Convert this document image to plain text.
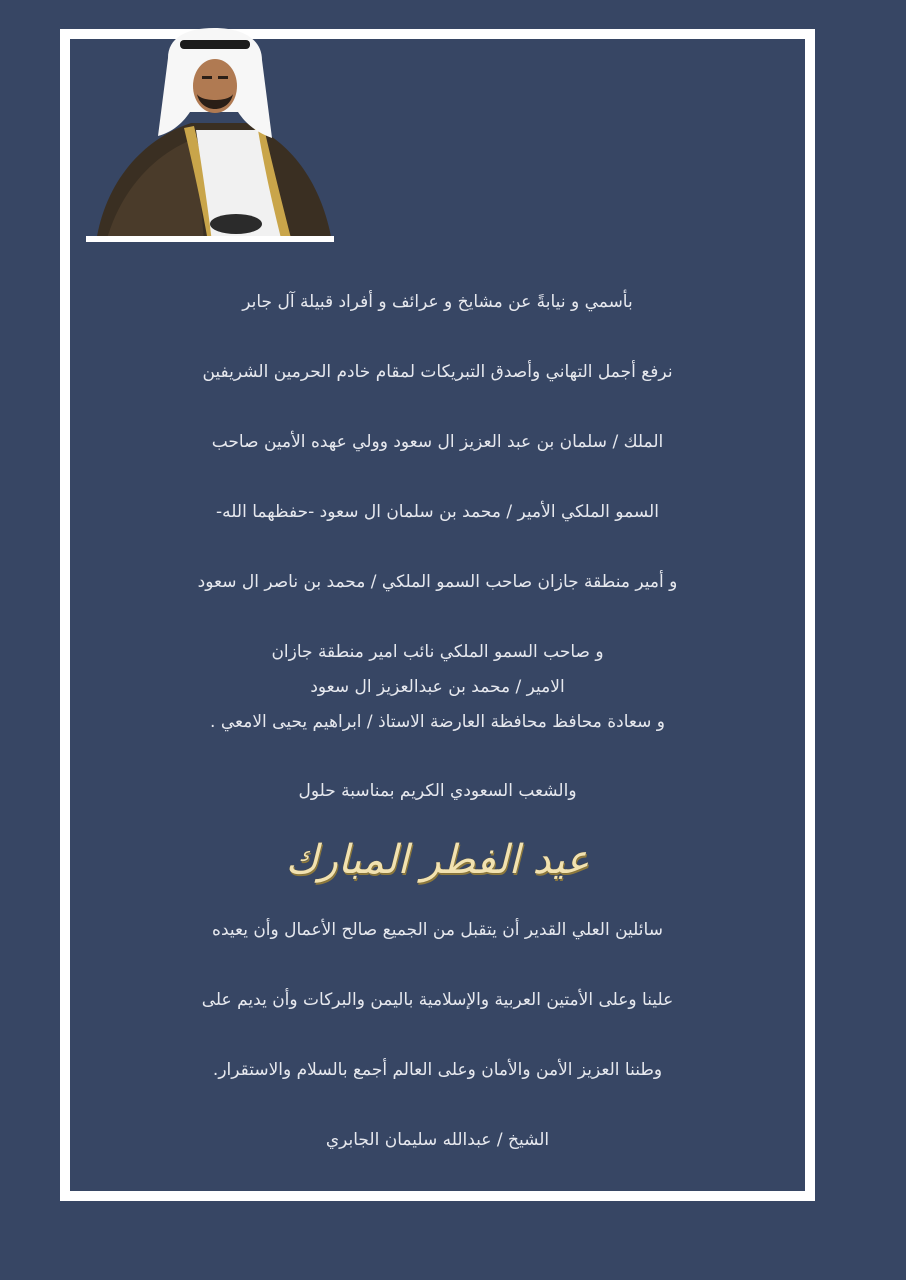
بأسمي و نيابةً عن مشايخ و عرائف و أفراد قبيلة آل جابر
نرفع أجمل التهاني وأصدق التبريكات لمقام خادم الحرمين الشريفين
الملك / سلمان بن عبد العزيز ال سعود وولي عهده الأمين صاحب
السمو الملكي الأمير / محمد بن سلمان ال سعود -حفظهما الله-
و أمير منطقة جازان صاحب السمو الملكي / محمد بن ناصر ال سعود
و صاحب السمو الملكي نائب امير منطقة جازان
الامير / محمد بن عبدالعزيز ال سعود
و سعادة محافظ محافظة العارضة الاستاذ / ابراهيم يحيى الامعي .
والشعب السعودي الكريم بمناسبة حلول
عيد الفطر المبارك
سائلين العلي القدير أن يتقبل من الجميع صالح الأعمال وأن يعيده
علينا وعلى الأمتين العربية والإسلامية باليمن والبركات وأن يديم على
وطننا العزيز الأمن والأمان وعلى العالم أجمع بالسلام والاستقرار.
الشيخ / عبدالله سليمان الجابري
